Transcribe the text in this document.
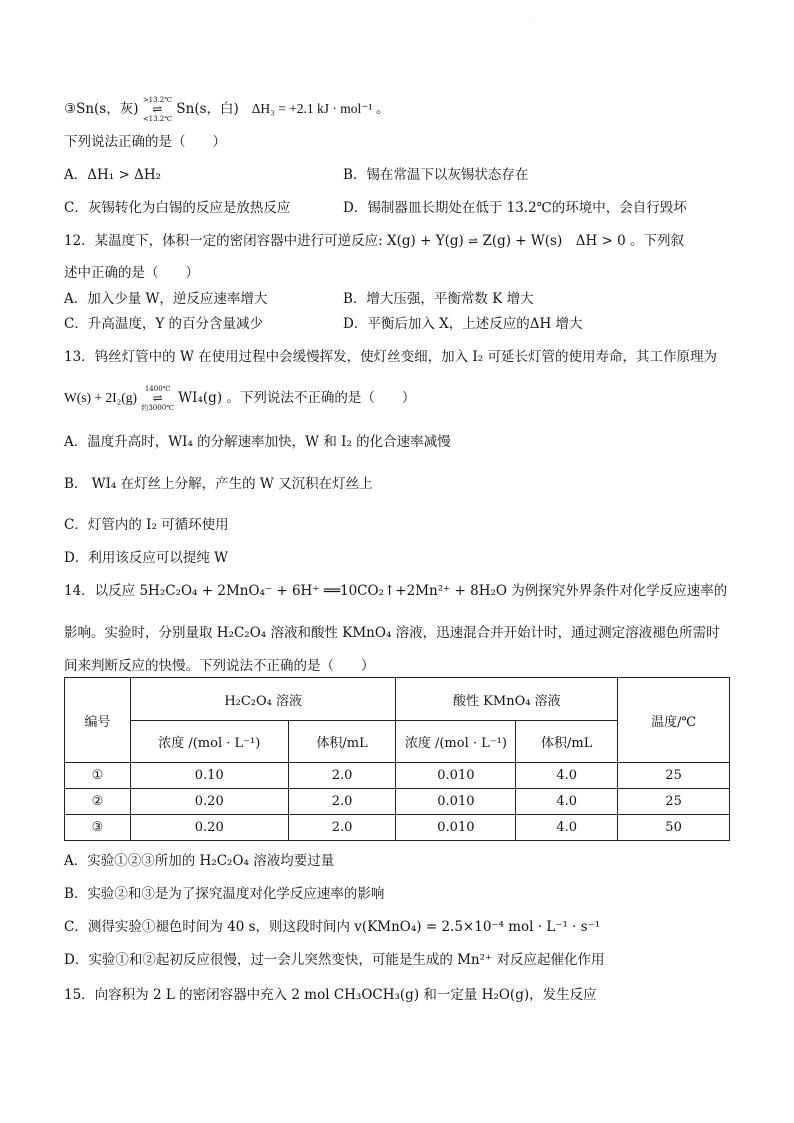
·
③Sn(s，灰) >13.2℃
⇌
<13.2℃ Sn(s，白) ΔH₃ = +2.1 kJ · mol⁻¹ 。
下列说法正确的是（　　）
A．ΔH₁ > ΔH₂	B．锡在常温下以灰锡状态存在
C．灰锡转化为白锡的反应是放热反应	D．锡制器皿长期处在低于 13.2℃的环境中，会自行毁坏
12．某温度下，体积一定的密闭容器中进行可逆反应: X(g) + Y(g) ⇌ Z(g) + W(s)　ΔH > 0 。下列叙
述中正确的是（　　）
A．加入少量 W，逆反应速率增大	B．增大压强，平衡常数 K 增大
C．升高温度，Y 的百分含量减少	D．平衡后加入 X，上述反应的ΔH 增大
13．钨丝灯管中的 W 在使用过程中会缓慢挥发，使灯丝变细，加入 I₂ 可延长灯管的使用寿命，其工作原理为
W(s) + 2I₂(g) 1400℃
⇌
约3000℃ WI₄(g) 。下列说法不正确的是（　　）
A．温度升高时，WI₄ 的分解速率加快，W 和 I₂ 的化合速率减慢
B． WI₄ 在灯丝上分解，产生的 W 又沉积在灯丝上
C．灯管内的 I₂ 可循环使用
D．利用该反应可以提纯 W
14．以反应 5H₂C₂O₄ + 2MnO₄⁻ + 6H⁺ ══10CO₂↑+2Mn²⁺ + 8H₂O 为例探究外界条件对化学反应速率的
影响。实验时，分别量取 H₂C₂O₄ 溶液和酸性 KMnO₄ 溶液，迅速混合并开始计时，通过测定溶液褪色所需时
间来判断反应的快慢。下列说法不正确的是（　　）
编号	H₂C₂O₄ 溶液		酸性 KMnO₄ 溶液		温度/℃
	浓度 /(mol · L⁻¹)	体积/mL	浓度 /(mol · L⁻¹)	体积/mL	
①	0.10	2.0	0.010	4.0	25
②	0.20	2.0	0.010	4.0	25
③	0.20	2.0	0.010	4.0	50
A．实验①②③所加的 H₂C₂O₄ 溶液均要过量
B．实验②和③是为了探究温度对化学反应速率的影响
C．测得实验①褪色时间为 40 s，则这段时间内 v(KMnO₄) = 2.5×10⁻⁴ mol · L⁻¹ · s⁻¹
D．实验①和②起初反应很慢，过一会儿突然变快，可能是生成的 Mn²⁺ 对反应起催化作用
15．向容积为 2 L 的密闭容器中充入 2 mol CH₃OCH₃(g) 和一定量 H₂O(g)，发生反应
